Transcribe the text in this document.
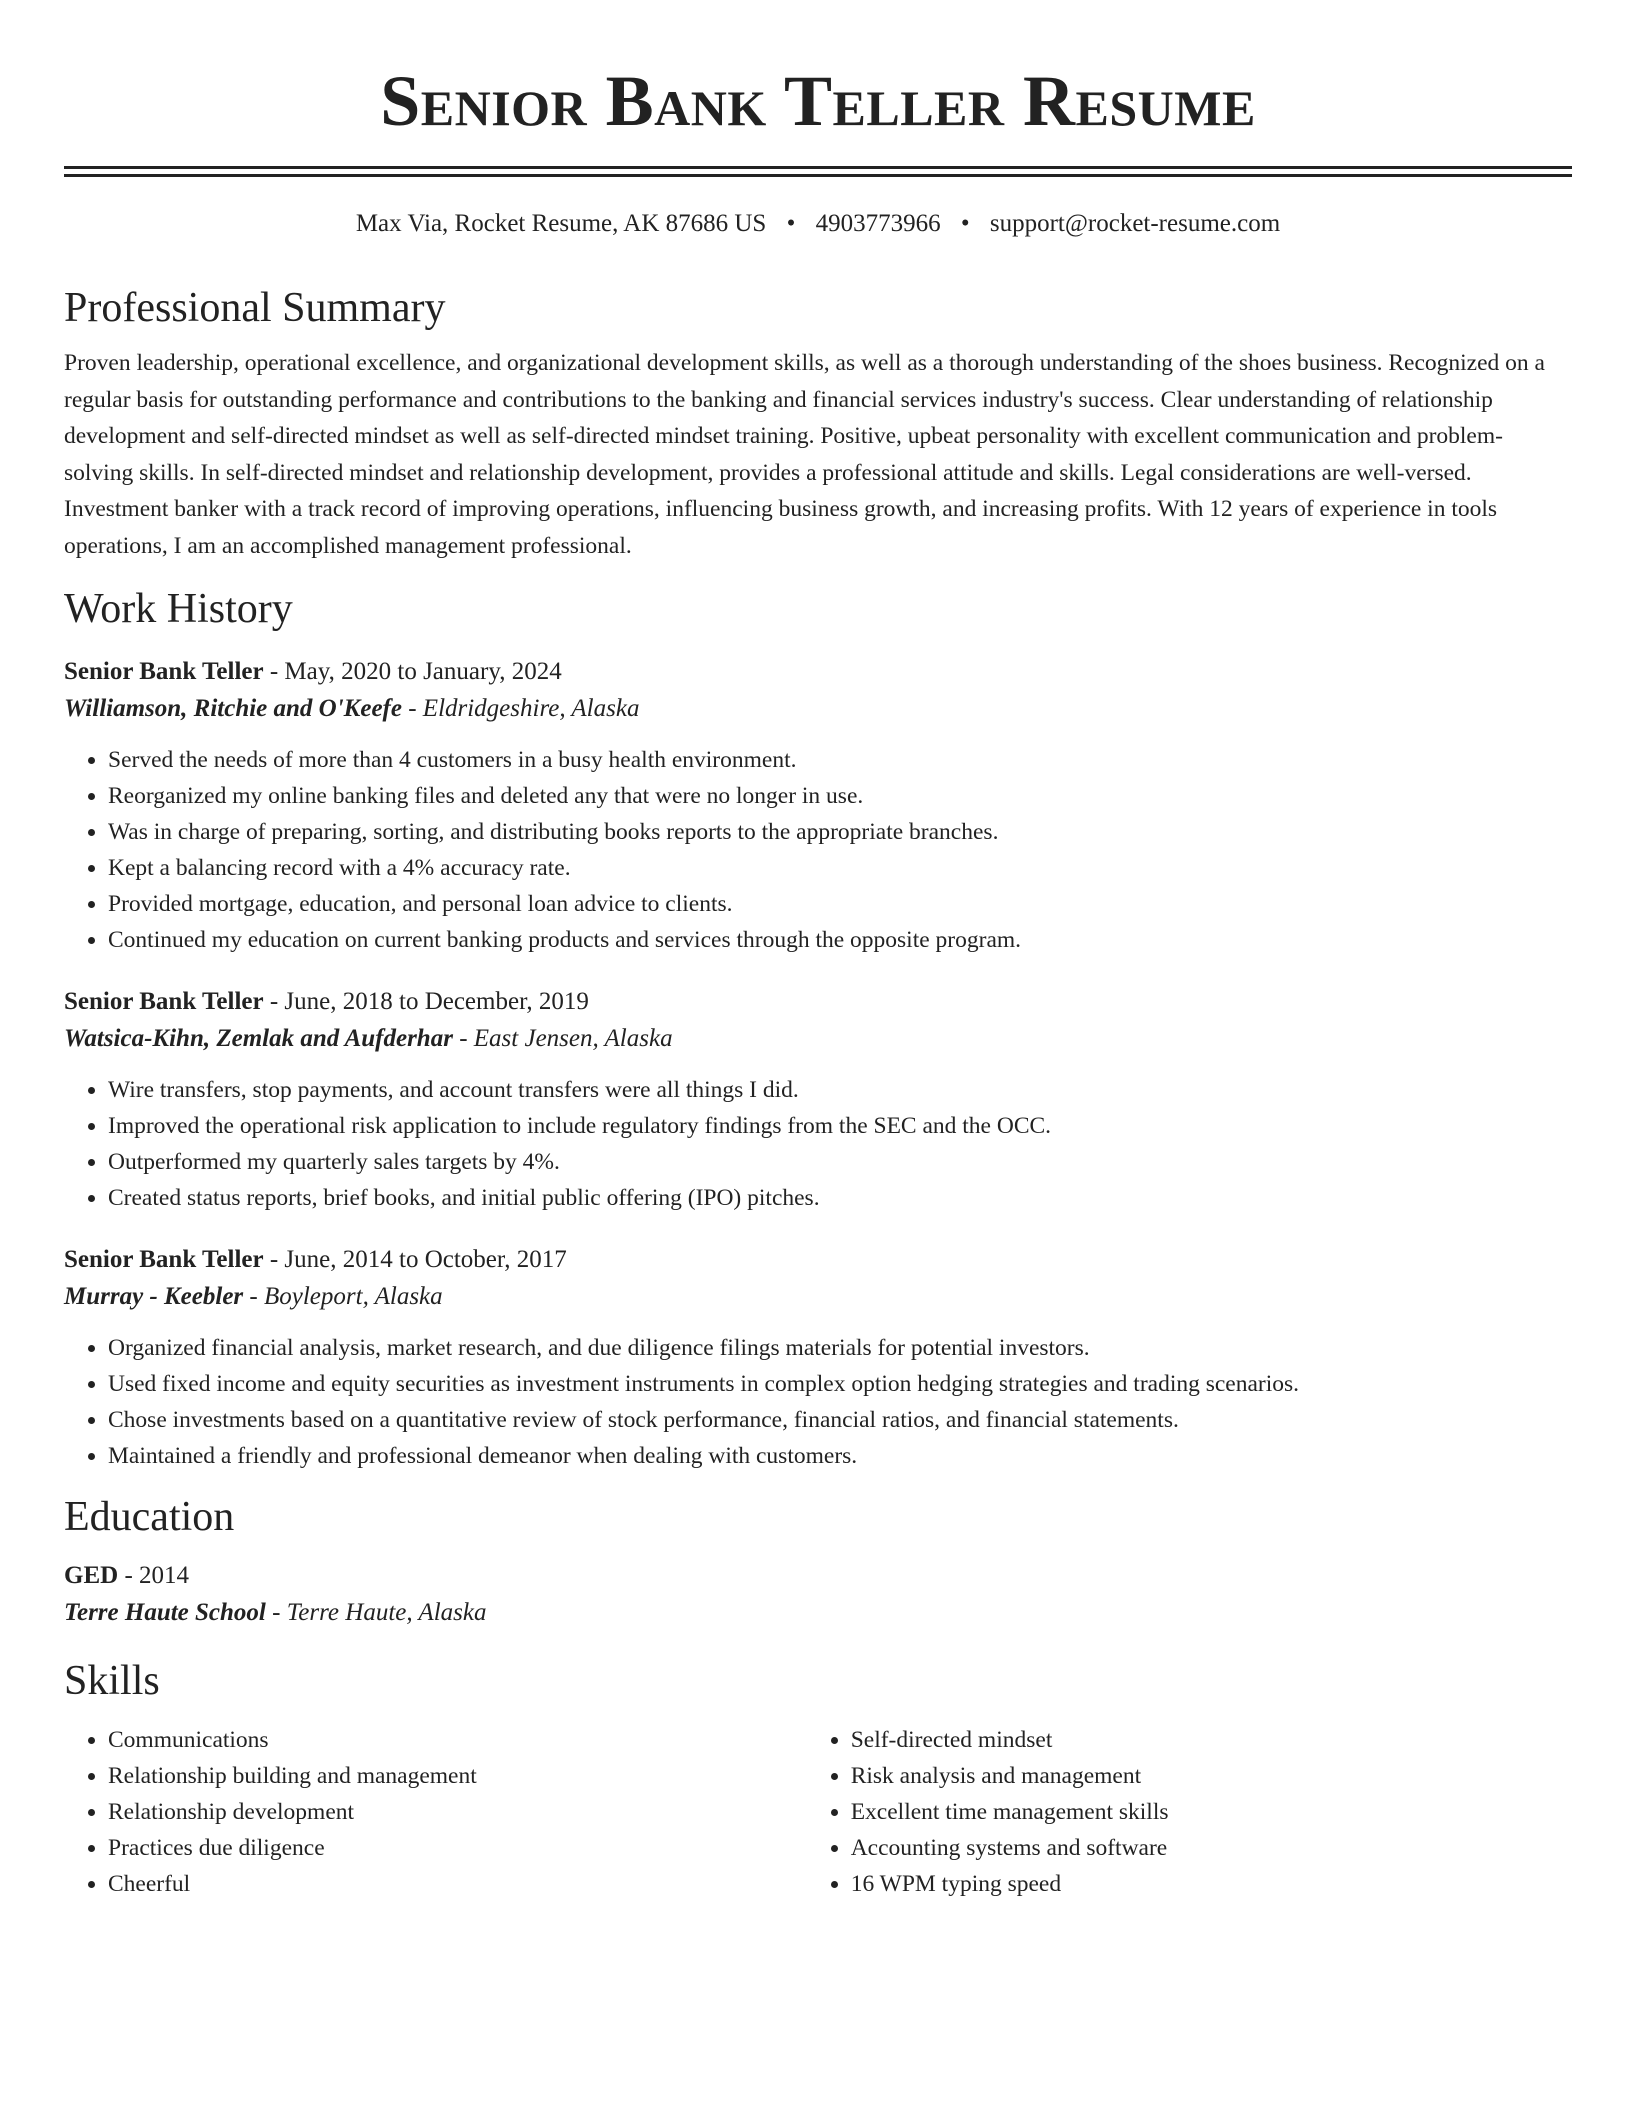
Senior Bank Teller Resume
Max Via, Rocket Resume, AK 87686 US • 4903773966 • support@rocket-resume.com
Professional Summary

Proven leadership, operational excellence, and organizational development skills, as well as a thorough understanding of the shoes business. Recognized on a regular basis for outstanding performance and contributions to the banking and financial services industry's success. Clear understanding of relationship development and self-directed mindset as well as self-directed mindset training. Positive, upbeat personality with excellent communication and problem-solving skills. In self-directed mindset and relationship development, provides a professional attitude and skills. Legal considerations are well-versed. Investment banker with a track record of improving operations, influencing business growth, and increasing profits. With 12 years of experience in tools operations, I am an accomplished management professional.

Work History
Senior Bank Teller - May, 2020 to January, 2024
Williamson, Ritchie and O'Keefe - Eldridgeshire, Alaska
• Served the needs of more than 4 customers in a busy health environment.
• Reorganized my online banking files and deleted any that were no longer in use.
• Was in charge of preparing, sorting, and distributing books reports to the appropriate branches.
• Kept a balancing record with a 4% accuracy rate.
• Provided mortgage, education, and personal loan advice to clients.
• Continued my education on current banking products and services through the opposite program.
Senior Bank Teller - June, 2018 to December, 2019
Watsica-Kihn, Zemlak and Aufderhar - East Jensen, Alaska
• Wire transfers, stop payments, and account transfers were all things I did.
• Improved the operational risk application to include regulatory findings from the SEC and the OCC.
• Outperformed my quarterly sales targets by 4%.
• Created status reports, brief books, and initial public offering (IPO) pitches.
Senior Bank Teller - June, 2014 to October, 2017
Murray - Keebler - Boyleport, Alaska
• Organized financial analysis, market research, and due diligence filings materials for potential investors.
• Used fixed income and equity securities as investment instruments in complex option hedging strategies and trading scenarios.
• Chose investments based on a quantitative review of stock performance, financial ratios, and financial statements.
• Maintained a friendly and professional demeanor when dealing with customers.
Education
GED - 2014
Terre Haute School - Terre Haute, Alaska
Skills
• Communications
• Relationship building and management
• Relationship development
• Practices due diligence
• Cheerful
• Self-directed mindset
• Risk analysis and management
• Excellent time management skills
• Accounting systems and software
• 16 WPM typing speed
